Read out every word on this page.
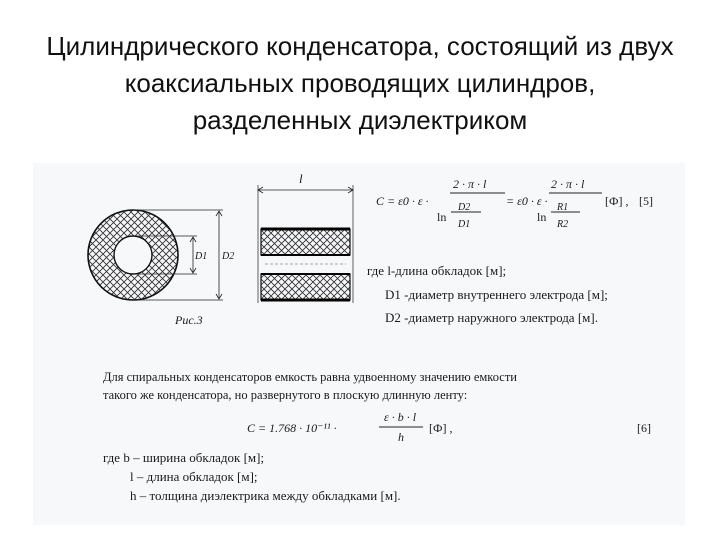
Цилиндрического конденсатора, состоящий из двух
коаксиальных проводящих цилиндров,
разделенных диэлектриком
l
D1 D2
Рис.3
C = ε0 · ε ·
2 · π · l
ln
D2
D1
= ε0 · ε ·
2 · π · l
ln
R1
R2
[Ф] , [5]
где l-длина обкладок [м];
D1 -диаметр внутреннего электрода [м];
D2 -диаметр наружного электрода [м].
Для спиральных конденсаторов емкость равна удвоенному значению емкости
такого же конденсатора, но развернутого в плоскую длинную ленту:
C = 1.768 · 10⁻¹¹ ·
ε · b · l
h
[Ф] ,	[6]
где b – ширина обкладок [м];
l – длина обкладок [м];
h – толщина диэлектрика между обкладками [м].
